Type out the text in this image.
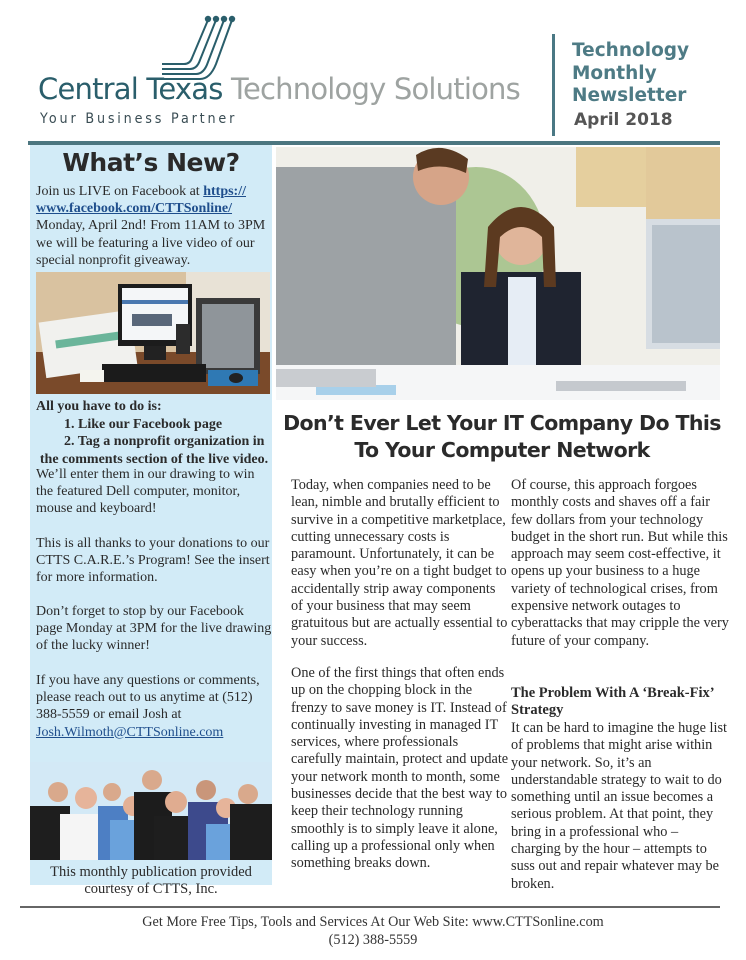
Central Texas Technology Solutions
Your Business Partner
Technology
Monthly
Newsletter
April 2018
What’s New?
Join us LIVE on Facebook at https:// www.facebook.com/CTTSonline/ Monday, April 2nd! From 11AM to 3PM we will be featuring a live video of our special nonprofit giveaway.
All you have to do is:
1. Like our Facebook page
2. Tag a nonprofit organization in
the comments section of the live video.
We’ll enter them in our drawing to win the featured Dell computer, monitor, mouse and keyboard!
This is all thanks to your donations to our CTTS C.A.R.E.’s Program! See the insert for more information.
Don’t forget to stop by our Facebook page Monday at 3PM for the live drawing of the lucky winner!
If you have any questions or comments, please reach out to us anytime at (512) 388-5559 or email Josh at Josh.Wilmoth@CTTSonline.com
This monthly publication provided courtesy of CTTS, Inc.
Don’t Ever Let Your IT Company Do This To Your Computer Network
Today, when companies need to be lean, nimble and brutally efficient to survive in a competitive marketplace, cutting unnecessary costs is paramount. Unfortunately, it can be easy when you’re on a tight budget to accidentally strip away components of your business that may seem gratuitous but are actually essential to your success.
One of the first things that often ends up on the chopping block in the frenzy to save money is IT. Instead of continually investing in managed IT services, where professionals carefully maintain, protect and update your network month to month, some businesses decide that the best way to keep their technology running smoothly is to simply leave it alone, calling up a professional only when something breaks down.
Of course, this approach forgoes monthly costs and shaves off a fair few dollars from your technology budget in the short run. But while this approach may seem cost-effective, it opens up your business to a huge variety of technological crises, from expensive network outages to cyberattacks that may cripple the very future of your company.
The Problem With A ‘Break-Fix’ Strategy
It can be hard to imagine the huge list of problems that might arise within your network. So, it’s an understandable strategy to wait to do something until an issue becomes a serious problem. At that point, they bring in a professional who – charging by the hour – attempts to suss out and repair whatever may be broken.
Get More Free Tips, Tools and Services At Our Web Site: www.CTTSonline.com
(512) 388-5559
